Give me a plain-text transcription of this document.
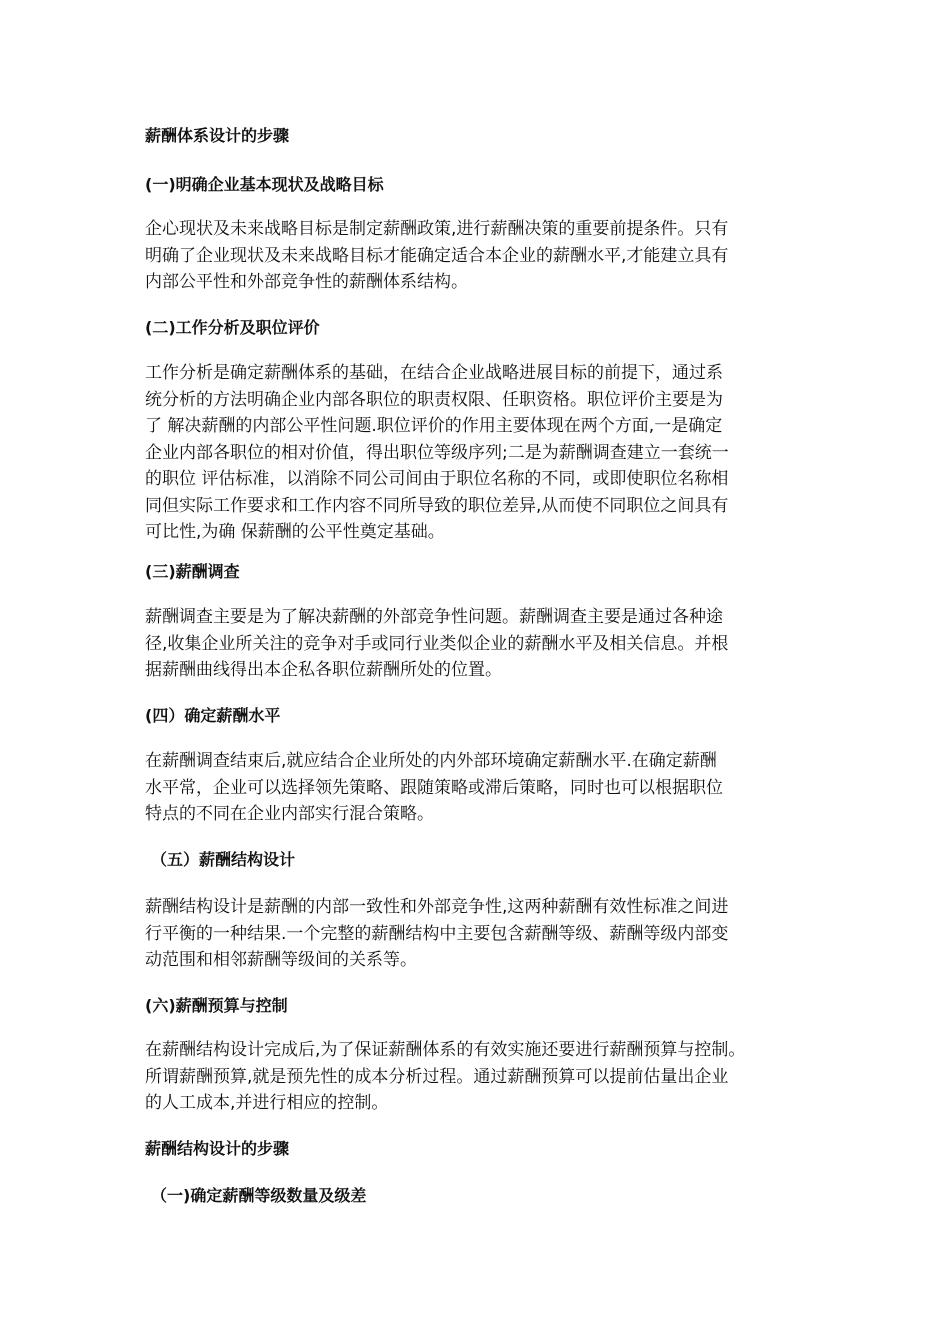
薪酬体系设计的步骤
(一)明确企业基本现状及战略目标

企心现状及未来战略目标是制定薪酬政策,进行薪酬决策的重要前提条件。只有
明确了企业现状及未来战略目标才能确定适合本企业的薪酬水平,才能建立具有
内部公平性和外部竞争性的薪酬体系结构。

(二)工作分析及职位评价

工作分析是确定薪酬体系的基础，在结合企业战略进展目标的前提下，通过系
统分析的方法明确企业内部各职位的职责权限、任职资格。职位评价主要是为
了 解决薪酬的内部公平性问题.职位评价的作用主要体现在两个方面,一是确定
企业内部各职位的相对价值，得出职位等级序列;二是为薪酬调查建立一套统一
的职位 评估标准，以消除不同公司间由于职位名称的不同，或即使职位名称相
同但实际工作要求和工作内容不同所导致的职位差异,从而使不同职位之间具有
可比性,为确 保薪酬的公平性奠定基础。

(三)薪酬调查

薪酬调查主要是为了解决薪酬的外部竞争性问题。薪酬调查主要是通过各种途
径,收集企业所关注的竞争对手或同行业类似企业的薪酬水平及相关信息。并根
据薪酬曲线得出本企私各职位薪酬所处的位置。

(四）确定薪酬水平

在薪酬调查结束后,就应结合企业所处的内外部环境确定薪酬水平.在确定薪酬
水平常，企业可以选择领先策略、跟随策略或滞后策略，同时也可以根据职位
特点的不同在企业内部实行混合策略。

（五）薪酬结构设计

薪酬结构设计是薪酬的内部一致性和外部竞争性,这两种薪酬有效性标准之间进
行平衡的一种结果.一个完整的薪酬结构中主要包含薪酬等级、薪酬等级内部变
动范围和相邻薪酬等级间的关系等。

(六)薪酬预算与控制

在薪酬结构设计完成后,为了保证薪酬体系的有效实施还要进行薪酬预算与控制。
所谓薪酬预算,就是预先性的成本分析过程。通过薪酬预算可以提前估量出企业
的人工成本,并进行相应的控制。

薪酬结构设计的步骤
（一)确定薪酬等级数量及级差
